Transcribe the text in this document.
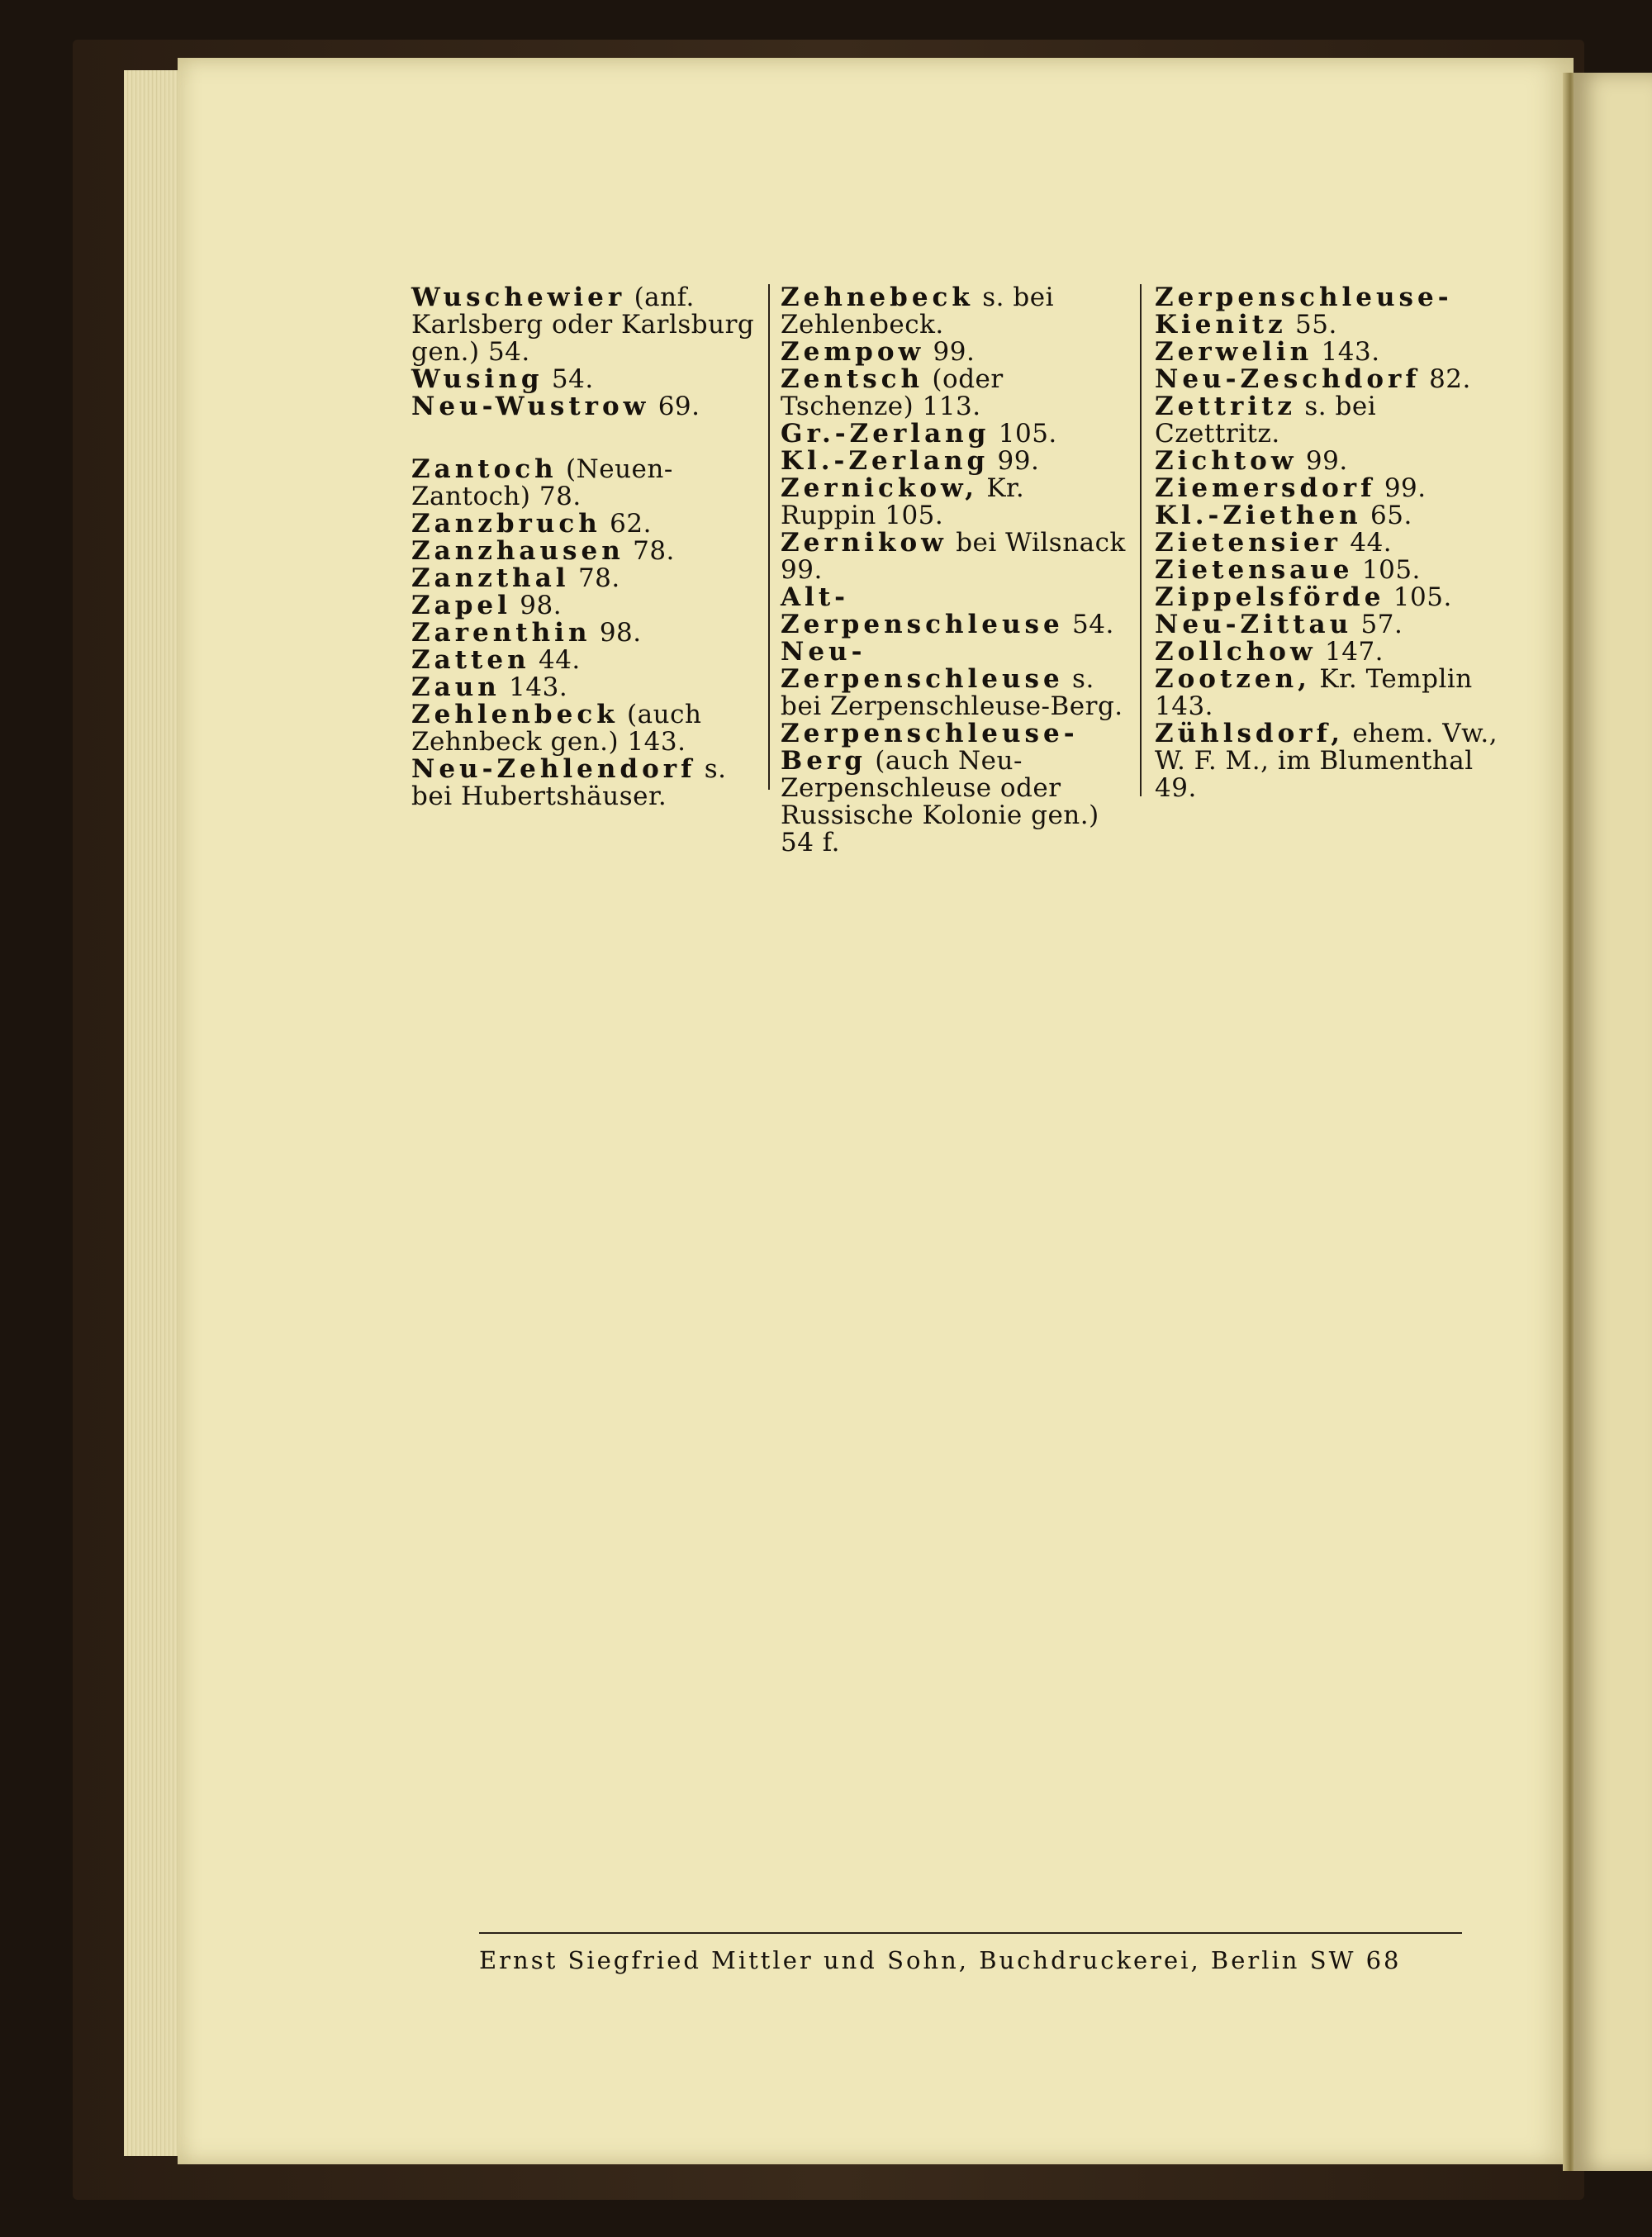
Wuschewier (anf. Karlsberg oder Karlsburg gen.) 54.

Wusing 54.

Neu-Wustrow 69.

Zantoch (Neuen-Zantoch) 78.

Zanzbruch 62.

Zanzhausen 78.

Zanzthal 78.

Zapel 98.

Zarenthin 98.

Zatten 44.

Zaun 143.

Zehlenbeck (auch Zehnbeck gen.) 143.

Neu-Zehlendorf s. bei Hubertshäuser.

Zehnebeck s. bei Zehlenbeck.

Zempow 99.

Zentsch (oder Tschenze) 113.

Gr.-Zerlang 105.

Kl.-Zerlang 99.

Zernickow, Kr. Ruppin 105.

Zernikow bei Wilsnack 99.

Alt-Zerpenschleuse 54.

Neu-Zerpenschleuse s. bei Zerpenschleuse-Berg.

Zerpenschleuse-Berg (auch Neu-Zerpenschleuse oder Russische Kolonie gen.) 54 f.

Zerpenschleuse-Kienitz 55.

Zerwelin 143.

Neu-Zeschdorf 82.

Zettritz s. bei Czettritz.

Zichtow 99.

Ziemersdorf 99.

Kl.-Ziethen 65.

Zietensier 44.

Zietensaue 105.

Zippelsförde 105.

Neu-Zittau 57.

Zollchow 147.

Zootzen, Kr. Templin 143.

Zühlsdorf, ehem. Vw., W. F. M., im Blumenthal 49.

Ernst Siegfried Mittler und Sohn, Buchdruckerei, Berlin SW 68
